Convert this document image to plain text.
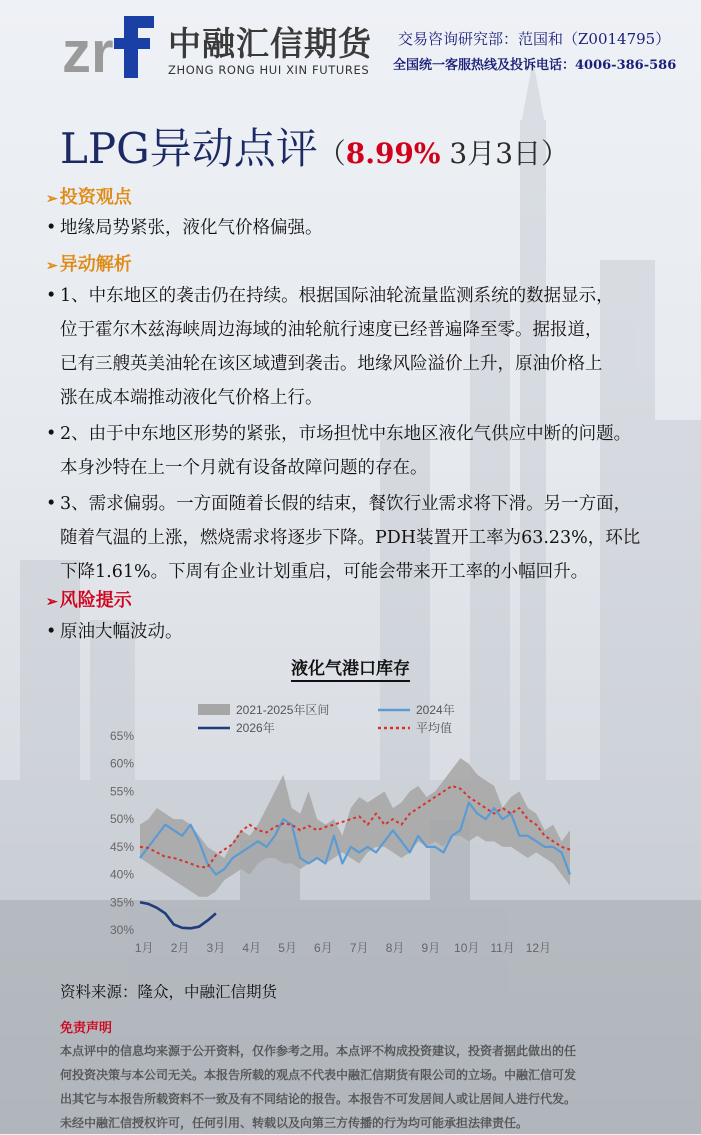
zr 中融汇信期货
ZHONG RONG HUI XIN FUTURES
交易咨询研究部：范国和（Z0014795）
全国统一客服热线及投诉电话：4006-386-586
LPG异动点评（8.99% 3月3日）
➢ 投资观点
• 地缘局势紧张，液化气价格偏强。
➢ 异动解析
• 1、中东地区的袭击仍在持续。根据国际油轮流量监测系统的数据显示，
位于霍尔木兹海峡周边海域的油轮航行速度已经普遍降至零。据报道，
已有三艘英美油轮在该区域遭到袭击。地缘风险溢价上升，原油价格上
涨在成本端推动液化气价格上行。
• 2、由于中东地区形势的紧张，市场担忧中东地区液化气供应中断的问题。
本身沙特在上一个月就有设备故障问题的存在。
• 3、需求偏弱。一方面随着长假的结束，餐饮行业需求将下滑。另一方面，
随着气温的上涨，燃烧需求将逐步下降。PDH装置开工率为63.23%，环比
下降1.61%。下周有企业计划重启，可能会带来开工率的小幅回升。
➢ 风险提示
• 原油大幅波动。
液化气港口库存
65%
60%
55%
50%
45%
40%
35%
30%
1月 2月 3月 4月 5月 6月 7月 8月 9月 10月 11月 12月
2021-2025年区间	2024年
2026年	平均值
资料来源：隆众，中融汇信期货
免责声明
本点评中的信息均来源于公开资料，仅作参考之用。本点评不构成投资建议，投资者据此做出的任
何投资决策与本公司无关。本报告所载的观点不代表中融汇信期货有限公司的立场。中融汇信可发
出其它与本报告所载资料不一致及有不同结论的报告。本报告不可发居间人或让居间人进行代发。
未经中融汇信授权许可，任何引用、转载以及向第三方传播的行为均可能承担法律责任。
